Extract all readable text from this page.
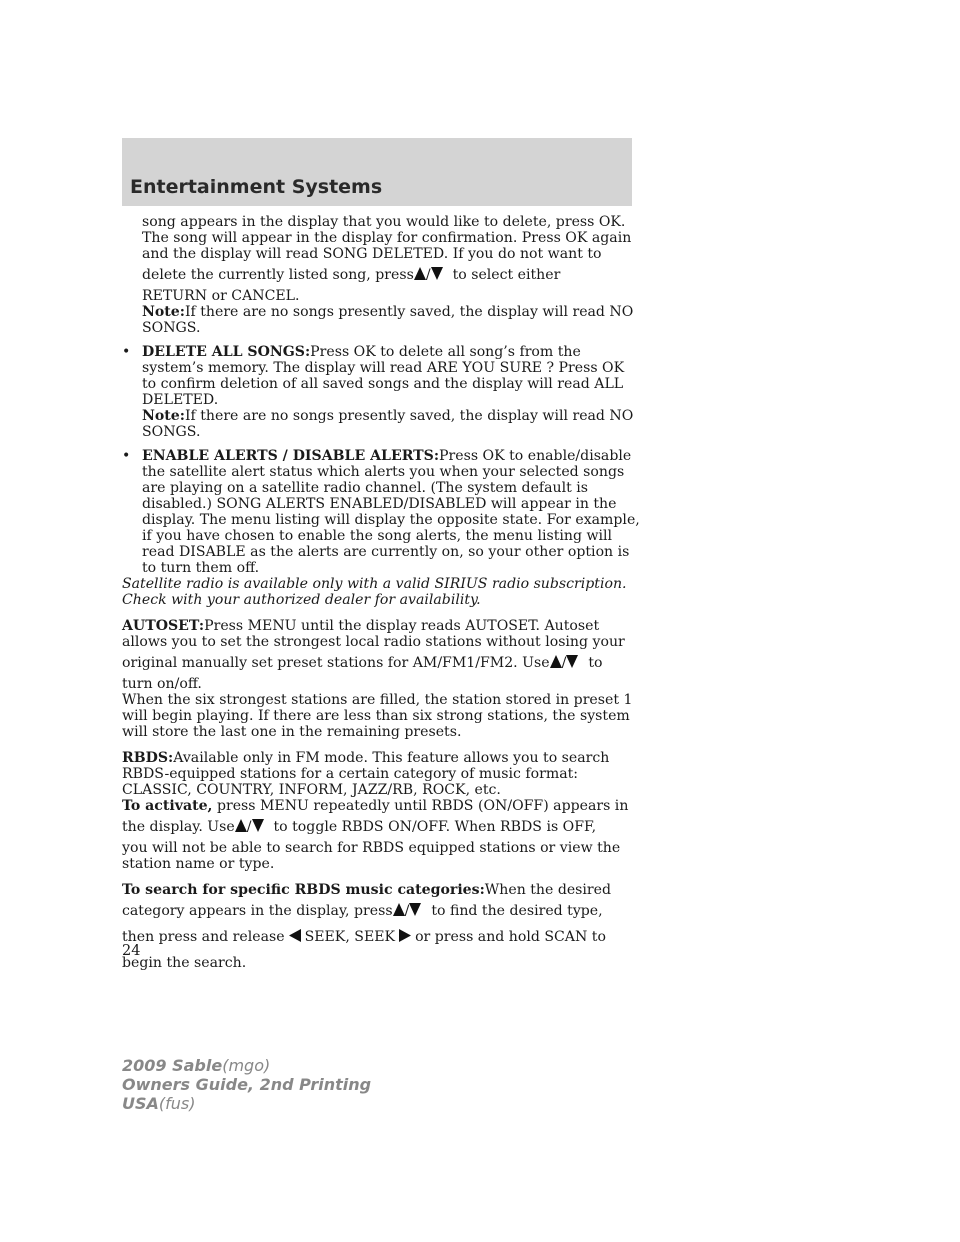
Entertainment Systems

song appears in the display that you would like to delete, press OK. The song will appear in the display for confirmation. Press OK again and the display will read SONG DELETED. If you do not want to

delete the currently listed song, press / to select either

RETURN or CANCEL.

Note:If there are no songs presently saved, the display will read NO SONGS.

• DELETE ALL SONGS:Press OK to delete all song’s from the system’s memory. The display will read ARE YOU SURE ? Press OK to confirm deletion of all saved songs and the display will read ALL DELETED.

Note:If there are no songs presently saved, the display will read NO SONGS.

• ENABLE ALERTS / DISABLE ALERTS:Press OK to enable/disable the satellite alert status which alerts you when your selected songs are playing on a satellite radio channel. (The system default is disabled.) SONG ALERTS ENABLED/DISABLED will appear in the display. The menu listing will display the opposite state. For example, if you have chosen to enable the song alerts, the menu listing will read DISABLE as the alerts are currently on, so your other option is to turn them off.

Satellite radio is available only with a valid SIRIUS radio subscription. Check with your authorized dealer for availability.

AUTOSET:Press MENU until the display reads AUTOSET. Autoset allows you to set the strongest local radio stations without losing your

original manually set preset stations for AM/FM1/FM2. Use / to

turn on/off.

When the six strongest stations are filled, the station stored in preset 1 will begin playing. If there are less than six strong stations, the system will store the last one in the remaining presets.

RBDS:Available only in FM mode. This feature allows you to search RBDS-equipped stations for a certain category of music format: CLASSIC, COUNTRY, INFORM, JAZZ/RB, ROCK, etc.

To activate, press MENU repeatedly until RBDS (ON/OFF) appears in

the display. Use / to toggle RBDS ON/OFF. When RBDS is OFF,

you will not be able to search for RBDS equipped stations or view the station name or type.

To search for specific RBDS music categories:When the desired

category appears in the display, press / to find the desired type,

then press and release SEEK, SEEK or press and hold SCAN to

begin the search.

24
2009 Sable(mgo)
Owners Guide, 2nd Printing
USA(fus)
